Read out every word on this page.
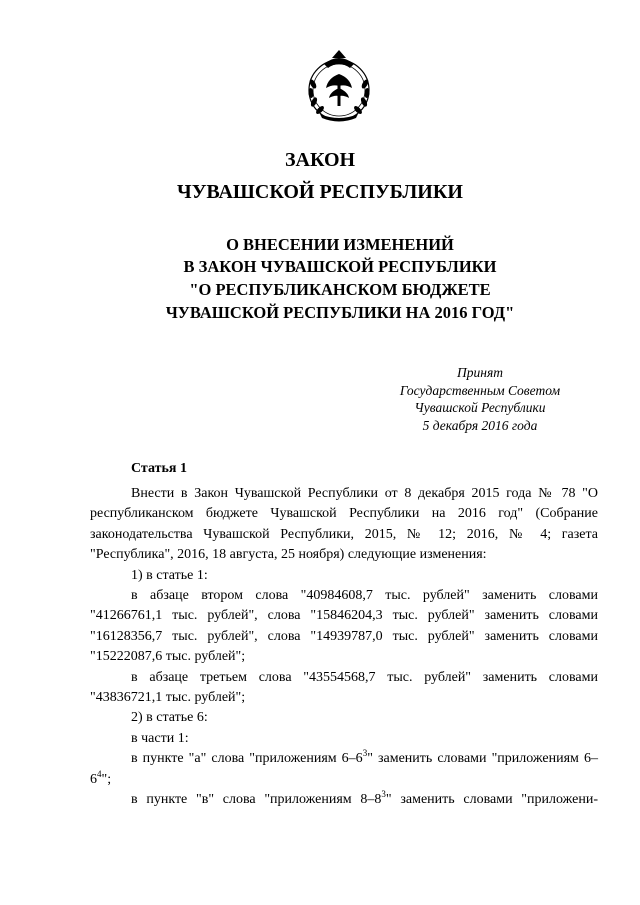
ЗАКОН
ЧУВАШСКОЙ РЕСПУБЛИКИ
О ВНЕСЕНИИ ИЗМЕНЕНИЙ
В ЗАКОН ЧУВАШСКОЙ РЕСПУБЛИКИ
"О РЕСПУБЛИКАНСКОМ БЮДЖЕТЕ
ЧУВАШСКОЙ РЕСПУБЛИКИ НА 2016 ГОД"
Принят
Государственным Советом
Чувашской Республики
5 декабря 2016 года
Статья 1

Внести в Закон Чувашской Республики от 8 декабря 2015 года № 78 "О республиканском бюджете Чувашской Республики на 2016 год" (Собрание законодательства Чувашской Республики, 2015, № 12; 2016, № 4; газета "Республика", 2016, 18 августа, 25 ноября) следующие изменения:

1) в статье 1:

в абзаце втором слова "40984608,7 тыс. рублей" заменить словами "41266761,1 тыс. рублей", слова "15846204,3 тыс. рублей" заменить словами "16128356,7 тыс. рублей", слова "14939787,0 тыс. рублей" заменить словами "15222087,6 тыс. рублей";

в абзаце третьем слова "43554568,7 тыс. рублей" заменить словами "43836721,1 тыс. рублей";

2) в статье 6:

в части 1:

в пункте "а" слова "приложениям $6-6^3$" заменить словами "приложениям $6-6^4$";

в пункте "в" слова "приложениям $8-8^3$" заменить словами "приложени-
